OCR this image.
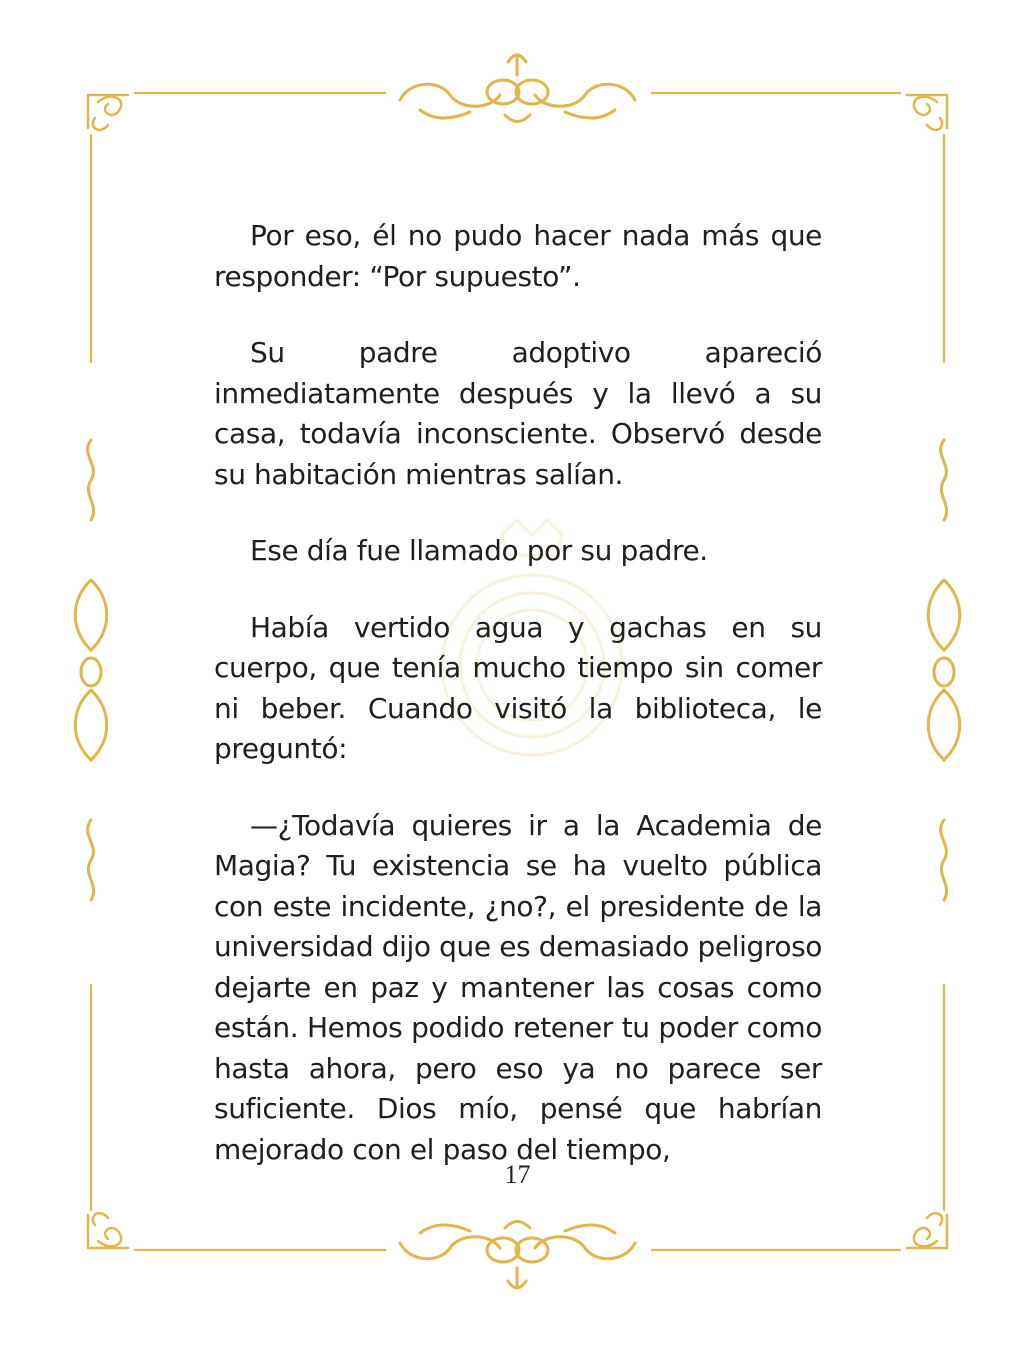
Por eso, él no pudo hacer nada más que responder: “Por supuesto”.

Su padre adoptivo apareció inmediatamente después y la llevó a su casa, todavía inconsciente. Observó desde su habitación mientras salían.

Ese día fue llamado por su padre.

Había vertido agua y gachas en su cuerpo, que tenía mucho tiempo sin comer ni beber. Cuando visitó la biblioteca, le preguntó:

—¿Todavía quieres ir a la Academia de Magia? Tu existencia se ha vuelto pública con este incidente, ¿no?, el presidente de la universidad dijo que es demasiado peligroso dejarte en paz y mantener las cosas como están. Hemos podido retener tu poder como hasta ahora, pero eso ya no parece ser suficiente. Dios mío, pensé que habrían mejorado con el paso del tiempo,

17
